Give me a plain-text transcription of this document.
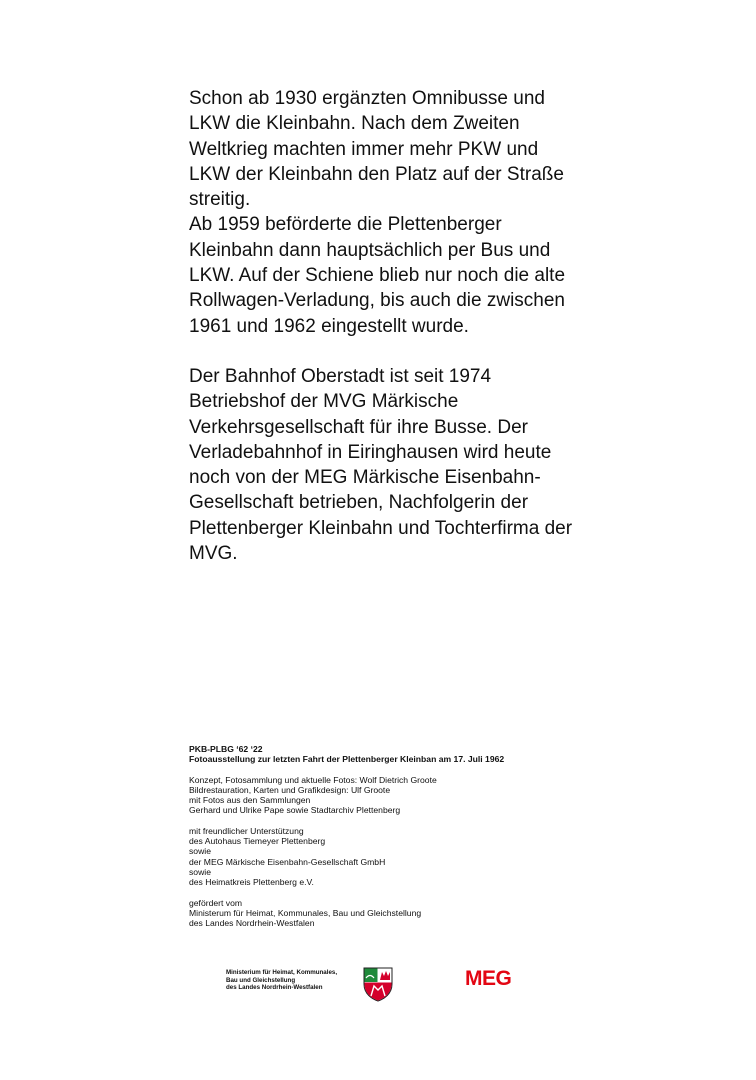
Schon ab 1930 ergänzten Omnibusse und LKW die Kleinbahn. Nach dem Zweiten Weltkrieg machten immer mehr PKW und LKW der Kleinbahn den Platz auf der Straße streitig.
Ab 1959 beförderte die Plettenberger Kleinbahn dann hauptsächlich per Bus und LKW. Auf der Schiene blieb nur noch die alte Rollwagen-Verladung, bis auch die zwischen 1961 und 1962 eingestellt wurde.

Der Bahnhof Oberstadt ist seit 1974 Betriebshof der MVG Märkische Verkehrsgesellschaft für ihre Busse. Der Verladebahnhof in Eiringhausen wird heute noch von der MEG Märkische Eisenbahn-Gesellschaft betrieben, Nachfolgerin der Plettenberger Kleinbahn und Tochterfirma der MVG.

PKB-PLBG ‘62 ‘22

Fotoausstellung zur letzten Fahrt der Plettenberger Kleinban am 17. Juli 1962

Konzept, Fotosammlung und aktuelle Fotos: Wolf Dietrich Groote
Bildrestauration, Karten und Grafikdesign: Ulf Groote
mit Fotos aus den Sammlungen
Gerhard und Ulrike Pape sowie Stadtarchiv Plettenberg

mit freundlicher Unterstützung
des Autohaus Tiemeyer Plettenberg
sowie
der MEG Märkische Eisenbahn-Gesellschaft GmbH
sowie
des Heimatkreis Plettenberg e.V.

gefördert vom
Ministerum für Heimat, Kommunales, Bau und Gleichstellung
des Landes Nordrhein-Westfalen

Ministerium für Heimat, Kommunales,
Bau und Gleichstellung
des Landes Nordrhein-Westfalen	MEG
